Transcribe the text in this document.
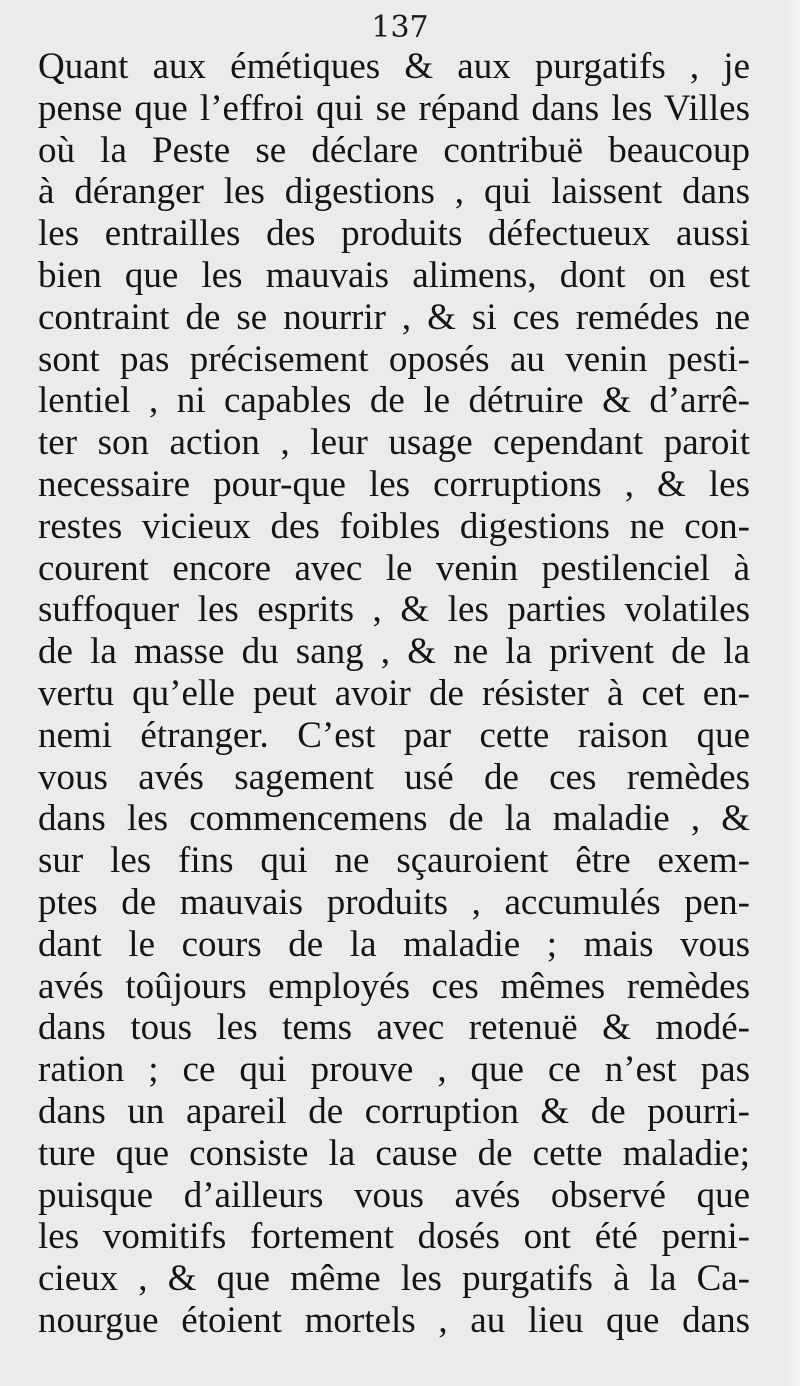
137
Quant aux émétiques & aux purgatifs , je
pense que l’effroi qui se répand dans les Villes
où la Peste se déclare contribuë beaucoup
à déranger les digestions , qui laissent dans
les entrailles des produits défectueux aussi
bien que les mauvais alimens, dont on est
contraint de se nourrir , & si ces remédes ne
sont pas précisement oposés au venin pesti-
lentiel , ni capables de le détruire & d’arrê-
ter son action , leur usage cependant paroit
necessaire pour-que les corruptions , & les
restes vicieux des foibles digestions ne con-
courent encore avec le venin pestilenciel à
suffoquer les esprits , & les parties volatiles
de la masse du sang , & ne la privent de la
vertu qu’elle peut avoir de résister à cet en-
nemi étranger. C’est par cette raison que
vous avés sagement usé de ces remèdes
dans les commencemens de la maladie , &
sur les fins qui ne sçauroient être exem-
ptes de mauvais produits , accumulés pen-
dant le cours de la maladie ; mais vous
avés toûjours employés ces mêmes remèdes
dans tous les tems avec retenuë & modé-
ration ; ce qui prouve , que ce n’est pas
dans un apareil de corruption & de pourri-
ture que consiste la cause de cette maladie;
puisque d’ailleurs vous avés observé que
les vomitifs fortement dosés ont été perni-
cieux , & que même les purgatifs à la Ca-
nourgue étoient mortels , au lieu que dans
